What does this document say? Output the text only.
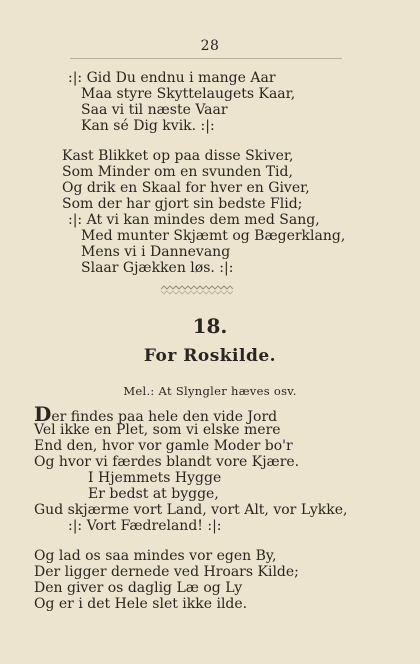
28
:|: Gid Du endnu i mange Aar
Maa styre Skyttelaugets Kaar,
Saa vi til næste Vaar
Kan sé Dig kvik. :|:
Kast Blikket op paa disse Skiver,
Som Minder om en svunden Tid,
Og drik en Skaal for hver en Giver,
Som der har gjort sin bedste Flid;
:|: At vi kan mindes dem med Sang,
Med munter Skjæmt og Bægerklang,
Mens vi i Dannevang
Slaar Gjækken løs. :|:
18.
For Roskilde.
Mel.: At Slyngler hæves osv.
Der findes paa hele den vide Jord
Vel ikke en Plet, som vi elske mere
End den, hvor vor gamle Moder bo'r
Og hvor vi færdes blandt vore Kjære.
I Hjemmets Hygge
Er bedst at bygge,
Gud skjærme vort Land, vort Alt, vor Lykke,
:|: Vort Fædreland! :|:
Og lad os saa mindes vor egen By,
Der ligger dernede ved Hroars Kilde;
Den giver os daglig Læ og Ly
Og er i det Hele slet ikke ilde.
